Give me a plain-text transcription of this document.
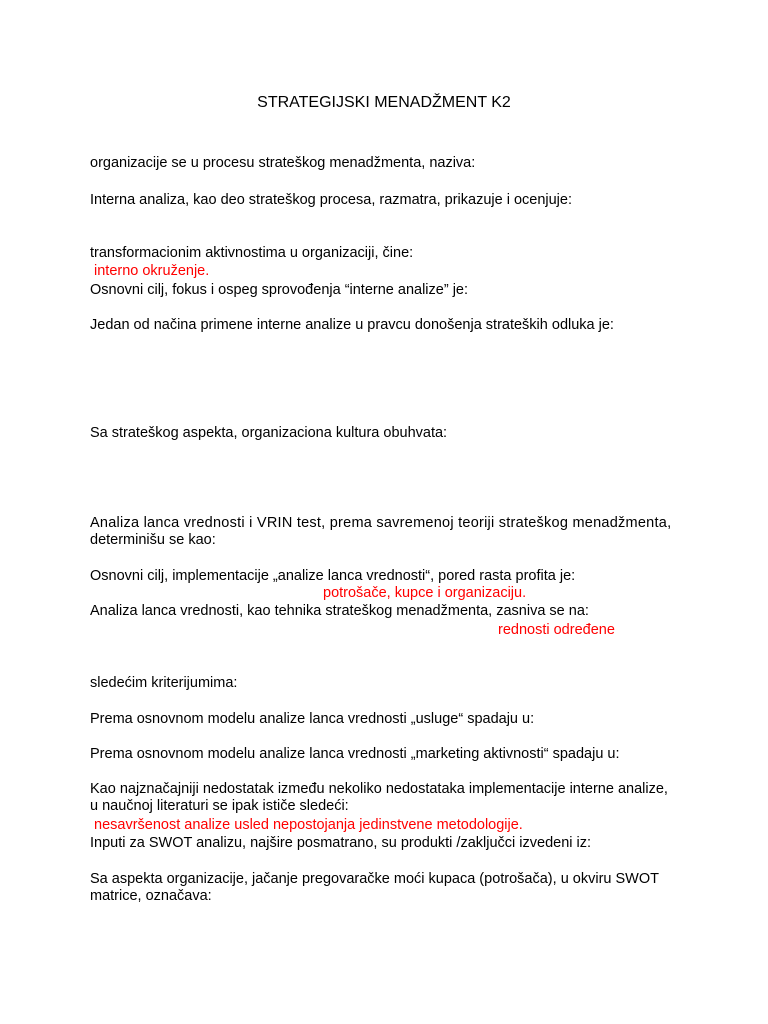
STRATEGIJSKI MENADŽMENT K2
organizacije se u procesu strateškog menadžmenta, naziva:
Interna analiza, kao deo strateškog procesa, razmatra, prikazuje i ocenjuje:
transformacionim aktivnostima u organizaciji, čine:
interno okruženje.
Osnovni cilj, fokus i ospeg sprovođenja “interne analize” je:
Jedan od načina primene interne analize u pravcu donošenja strateških odluka je:
Sa strateškog aspekta, organizaciona kultura obuhvata:
Analiza lanca vrednosti i VRIN test, prema savremenoj teoriji strateškog menadžmenta,
determinišu se kao:
Osnovni cilj, implementacije „analize lanca vrednosti“, pored rasta profita je:
potrošače, kupce i organizaciju.
Analiza lanca vrednosti, kao tehnika strateškog menadžmenta, zasniva se na:
rednosti određene
sledećim kriterijumima:
Prema osnovnom modelu analize lanca vrednosti „usluge“ spadaju u:
Prema osnovnom modelu analize lanca vrednosti „marketing aktivnosti“ spadaju u:
Kao najznačajniji nedostatak između nekoliko nedostataka implementacije interne analize,
u naučnoj literaturi se ipak ističe sledeći:
nesavršenost analize usled nepostojanja jedinstvene metodologije.
Inputi za SWOT analizu, najšire posmatrano, su produkti /zaključci izvedeni iz:
Sa aspekta organizacije, jačanje pregovaračke moći kupaca (potrošača), u okviru SWOT
matrice, označava:
